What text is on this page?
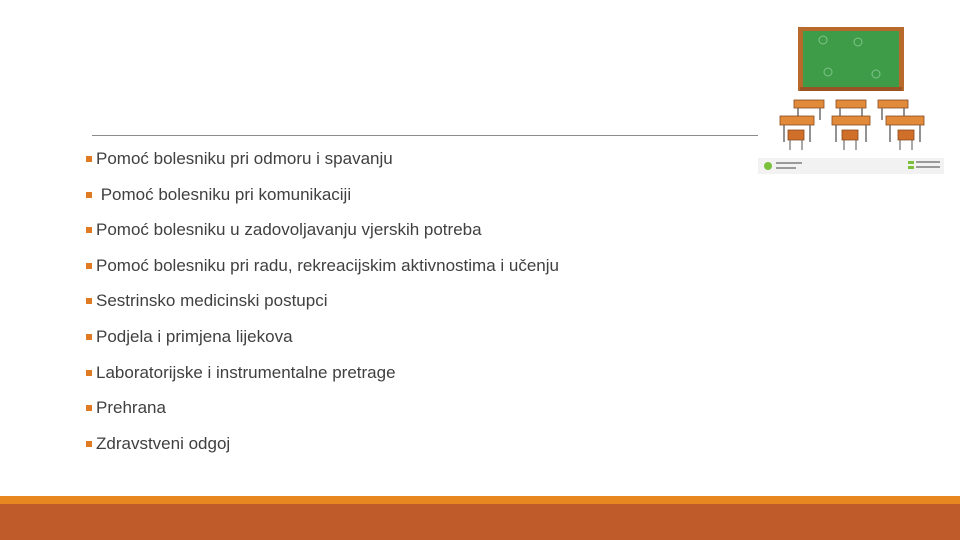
Pomoć bolesniku pri odmoru i spavanju
Pomoć bolesniku pri komunikaciji
Pomoć bolesniku u zadovoljavanju vjerskih potreba
Pomoć bolesniku pri radu, rekreacijskim aktivnostima i učenju
Sestrinsko medicinski postupci
Podjela i primjena lijekova
Laboratorijske i instrumentalne pretrage
Prehrana
Zdravstveni odgoj
